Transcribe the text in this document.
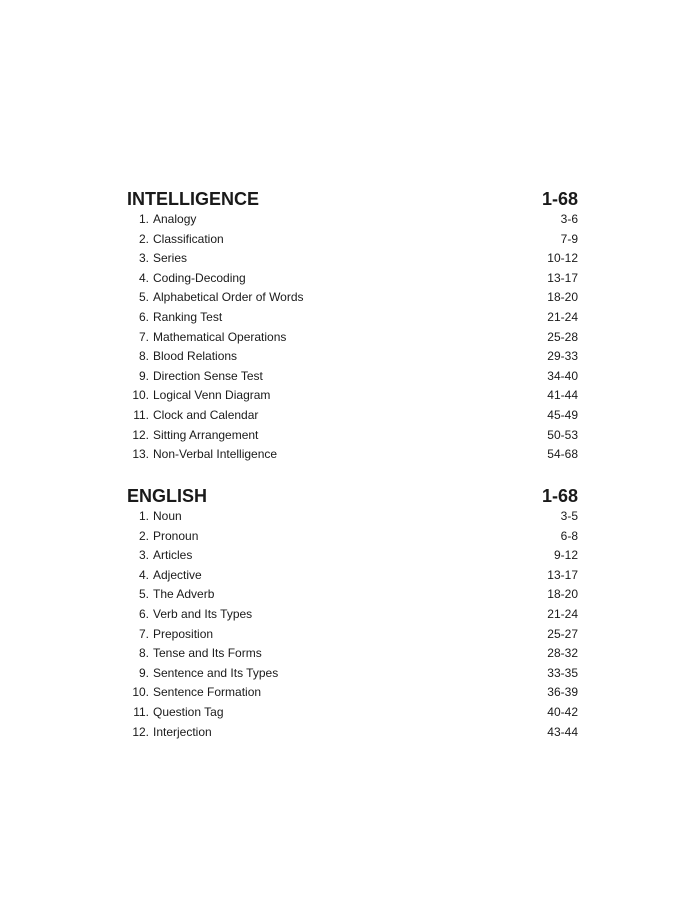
INTELLIGENCE	1-68
1. Analogy	3-6
2. Classification	7-9
3. Series	10-12
4. Coding-Decoding	13-17
5. Alphabetical Order of Words	18-20
6. Ranking Test	21-24
7. Mathematical Operations	25-28
8. Blood Relations	29-33
9. Direction Sense Test	34-40
10. Logical Venn Diagram	41-44
11. Clock and Calendar	45-49
12. Sitting Arrangement	50-53
13. Non-Verbal Intelligence	54-68
ENGLISH	1-68
1. Noun	3-5
2. Pronoun	6-8
3. Articles	9-12
4. Adjective	13-17
5. The Adverb	18-20
6. Verb and Its Types	21-24
7. Preposition	25-27
8. Tense and Its Forms	28-32
9. Sentence and Its Types	33-35
10. Sentence Formation	36-39
11. Question Tag	40-42
12. Interjection	43-44
